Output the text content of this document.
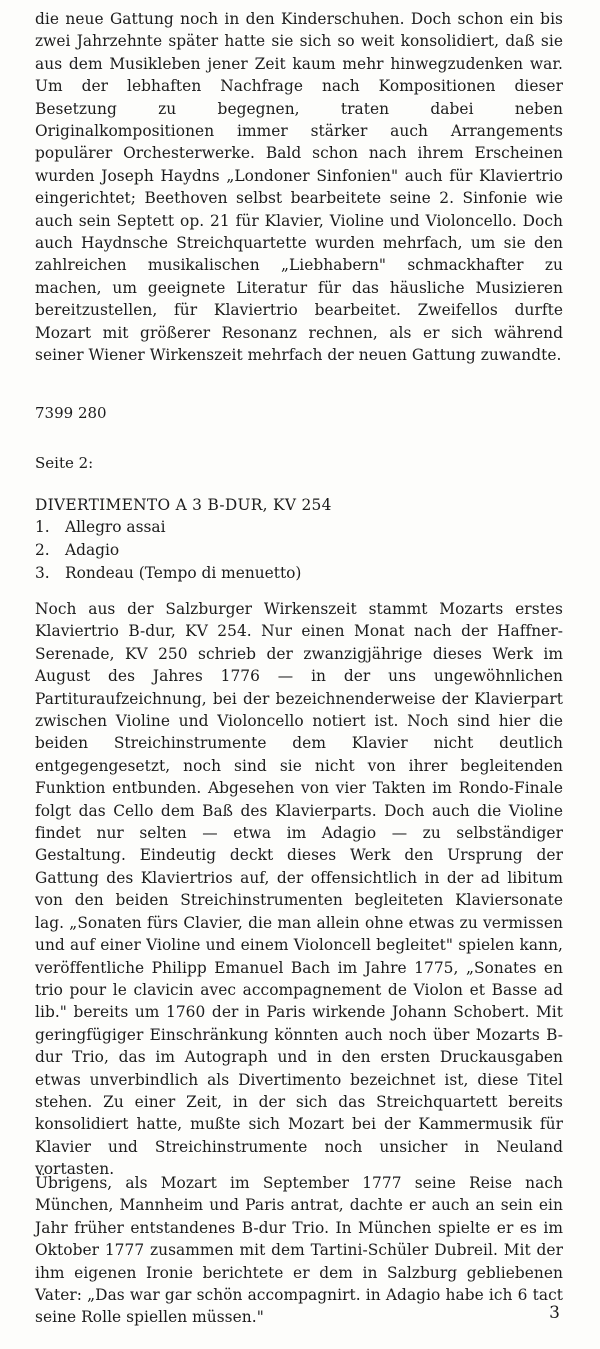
die neue Gattung noch in den Kinderschuhen. Doch schon ein bis zwei Jahrzehnte später hatte sie sich so weit konsolidiert, daß sie aus dem Musikleben jener Zeit kaum mehr hinwegzudenken war. Um der lebhaften Nachfrage nach Kompositionen dieser Besetzung zu begegnen, traten dabei neben Originalkompositionen immer stärker auch Arrangements populärer Orchesterwerke. Bald schon nach ihrem Erscheinen wurden Joseph Haydns „Londoner Sinfonien" auch für Klaviertrio eingerichtet; Beethoven selbst bearbeitete seine 2. Sinfonie wie auch sein Septett op. 21 für Klavier, Violine und Violoncello. Doch auch Haydnsche Streichquartette wurden mehrfach, um sie den zahlreichen musikalischen „Liebhabern" schmackhafter zu machen, um geeignete Literatur für das häusliche Musizieren bereitzustellen, für Klaviertrio bearbeitet. Zweifellos durfte Mozart mit größerer Resonanz rechnen, als er sich während seiner Wiener Wirkenszeit mehrfach der neuen Gattung zuwandte.

7399 280

Seite 2:

DIVERTIMENTO A 3 B-DUR, KV 254

1. Allegro assai

2. Adagio

3. Rondeau (Tempo di menuetto)

Noch aus der Salzburger Wirkenszeit stammt Mozarts erstes Klaviertrio B-dur, KV 254. Nur einen Monat nach der Haffner-Serenade, KV 250 schrieb der zwanzigjährige dieses Werk im August des Jahres 1776 — in der uns ungewöhnlichen Partituraufzeichnung, bei der bezeichnenderweise der Klavierpart zwischen Violine und Violoncello notiert ist. Noch sind hier die beiden Streichinstrumente dem Klavier nicht deutlich entgegengesetzt, noch sind sie nicht von ihrer begleitenden Funktion entbunden. Abgesehen von vier Takten im Rondo-Finale folgt das Cello dem Baß des Klavierparts. Doch auch die Violine findet nur selten — etwa im Adagio — zu selbständiger Gestaltung. Eindeutig deckt dieses Werk den Ursprung der Gattung des Klaviertrios auf, der offensichtlich in der ad libitum von den beiden Streichinstrumenten begleiteten Klaviersonate lag. „Sonaten fürs Clavier, die man allein ohne etwas zu vermissen und auf einer Violine und einem Violoncell begleitet" spielen kann, veröffentliche Philipp Emanuel Bach im Jahre 1775, „Sonates en trio pour le clavicin avec accompagnement de Violon et Basse ad lib." bereits um 1760 der in Paris wirkende Johann Schobert. Mit geringfügiger Einschränkung könnten auch noch über Mozarts B-dur Trio, das im Autograph und in den ersten Druckausgaben etwas unverbindlich als Divertimento bezeichnet ist, diese Titel stehen. Zu einer Zeit, in der sich das Streichquartett bereits konsolidiert hatte, mußte sich Mozart bei der Kammermusik für Klavier und Streichinstrumente noch unsicher in Neuland vortasten.

Übrigens, als Mozart im September 1777 seine Reise nach München, Mannheim und Paris antrat, dachte er auch an sein ein Jahr früher entstandenes B-dur Trio. In München spielte er es im Oktober 1777 zusammen mit dem Tartini-Schüler Dubreil. Mit der ihm eigenen Ironie berichtete er dem in Salzburg gebliebenen Vater: „Das war gar schön accompagnirt. in Adagio habe ich 6 tact seine Rolle spiellen müssen."	3
